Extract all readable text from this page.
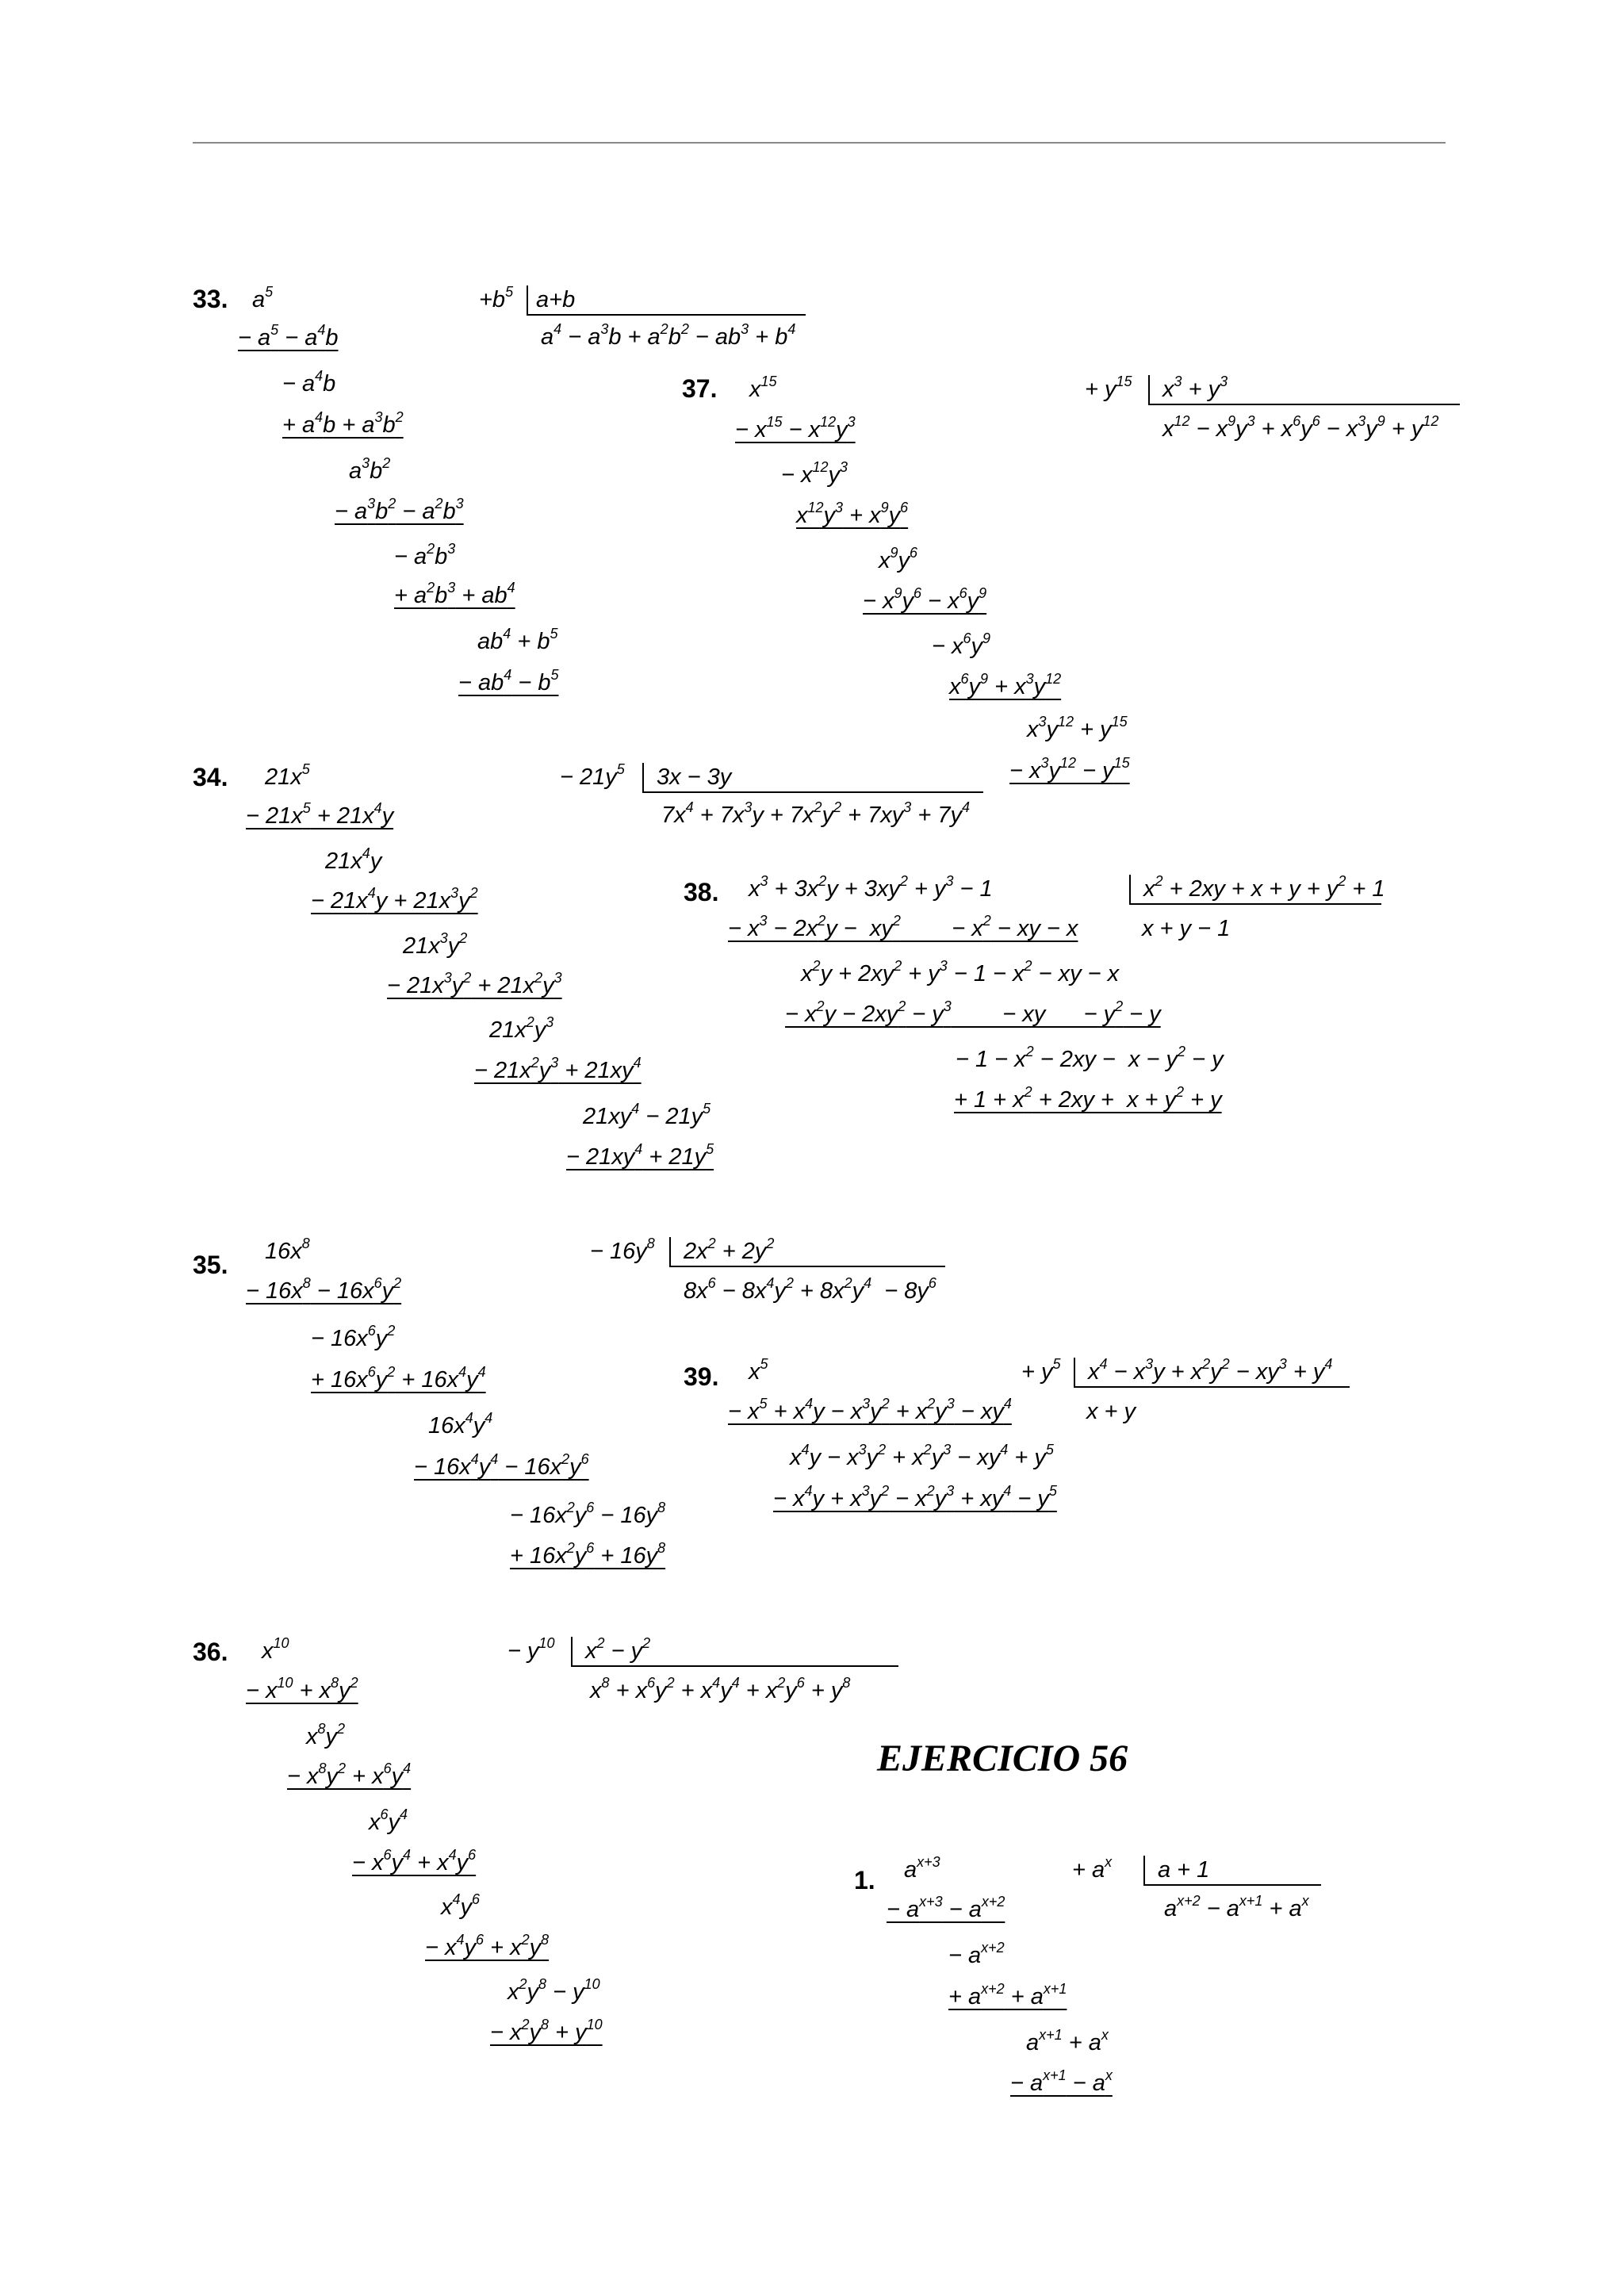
33. $a^5$	$+b^5$ a+b
$a^4 - a^3b + a^2b^2 - ab^3 + b^4$
− $a^5 - a^4b$
− $a^4b$
+ $a^4b + a^3b^2$
$a^3b^2$
− $a^3b^2 - a^2b^3$
− $a^2b^3$
+ $a^2b^3 + ab^4$
$ab^4 + b^5$
− $ab^4 - b^5$
37. $x^{15}$	+ $y^{15}$	$x^3 + y^3$
$x^{12} - x^9y^3 + x^6y^6 - x^3y^9 + y^{12}$
− $x^{15} - x^{12}y^3$
− $x^{12}y^3$
$x^{12}y^3 + x^9y^6$
$x^9y^6$
− $x^9y^6 - x^6y^9$
− $x^6y^9$
$x^6y^9 + x^3y^{12}$
$x^3y^{12} + y^{15}$
− $x^3y^{12} - y^{15}$
34. $21x^5$	− $21y^5$	3x − 3y
$7x^4 + 7x^3y + 7x^2y^2 + 7xy^3 + 7y^4$
− $21x^5 + 21x^4y$
$21x^4y$
− $21x^4y + 21x^3y^2$
$21x^3y^2$
− $21x^3y^2 + 21x^2y^3$
$21x^2y^3$
− $21x^2y^3 + 21xy^4$
$21xy^4 - 21y^5$
− $21xy^4 + 21y^5$
38. $x^3 + 3x^2y + 3xy^2 + y^3 - 1$	$x^2 + 2xy + x + y + y^2 + 1$
x + y − 1
− $x^3 - 2x^2y - xy^2$        − $x^2$ − xy − x
$x^2y + 2xy^2 + y^3 - 1 - x^2$ − xy − x
− $x^2y - 2xy^2 - y^3$        − xy      − $y^2 - y$
− $1 - x^2 - 2xy - x - y^2 - y$
+ $1 + x^2 + 2xy + x + y^2 + y$
35. $16x^8$	− $16y^8$	$2x^2 + 2y^2$
$8x^6 - 8x^4y^2 + 8x^2y^4 - 8y^6$
− $16x^8 - 16x^6y^2$
− $16x^6y^2$
+ $16x^6y^2 + 16x^4y^4$
$16x^4y^4$
− $16x^4y^4 - 16x^2y^6$
− $16x^2y^6 - 16y^8$
+ $16x^2y^6 + 16y^8$
39. $x^5$	+ $y^5$	$x^4 - x^3y + x^2y^2 - xy^3 + y^4$
x + y
− $x^5 + x^4y - x^3y^2 + x^2y^3 - xy^4$
$x^4y - x^3y^2 + x^2y^3 - xy^4 + y^5$
− $x^4y + x^3y^2 - x^2y^3 + xy^4 - y^5$
36. $x^{10}$	− $y^{10}$	$x^2 - y^2$
$x^8 + x^6y^2 + x^4y^4 + x^2y^6 + y^8$
− $x^{10} + x^8y^2$
$x^8y^2$
− $x^8y^2 + x^6y^4$
$x^6y^4$
− $x^6y^4 + x^4y^6$
$x^4y^6$
− $x^4y^6 + x^2y^8$
$x^2y^8 - y^{10}$
− $x^2y^8 + y^{10}$
EJERCICIO 56
1. $a^{x+3}$	+ $a^x$	a + 1
$a^{x+2} - a^{x+1} + a^x$
− $a^{x+3} - a^{x+2}$
− $a^{x+2}$
+ $a^{x+2} + a^{x+1}$
$a^{x+1} + a^x$
− $a^{x+1} - a^x$
